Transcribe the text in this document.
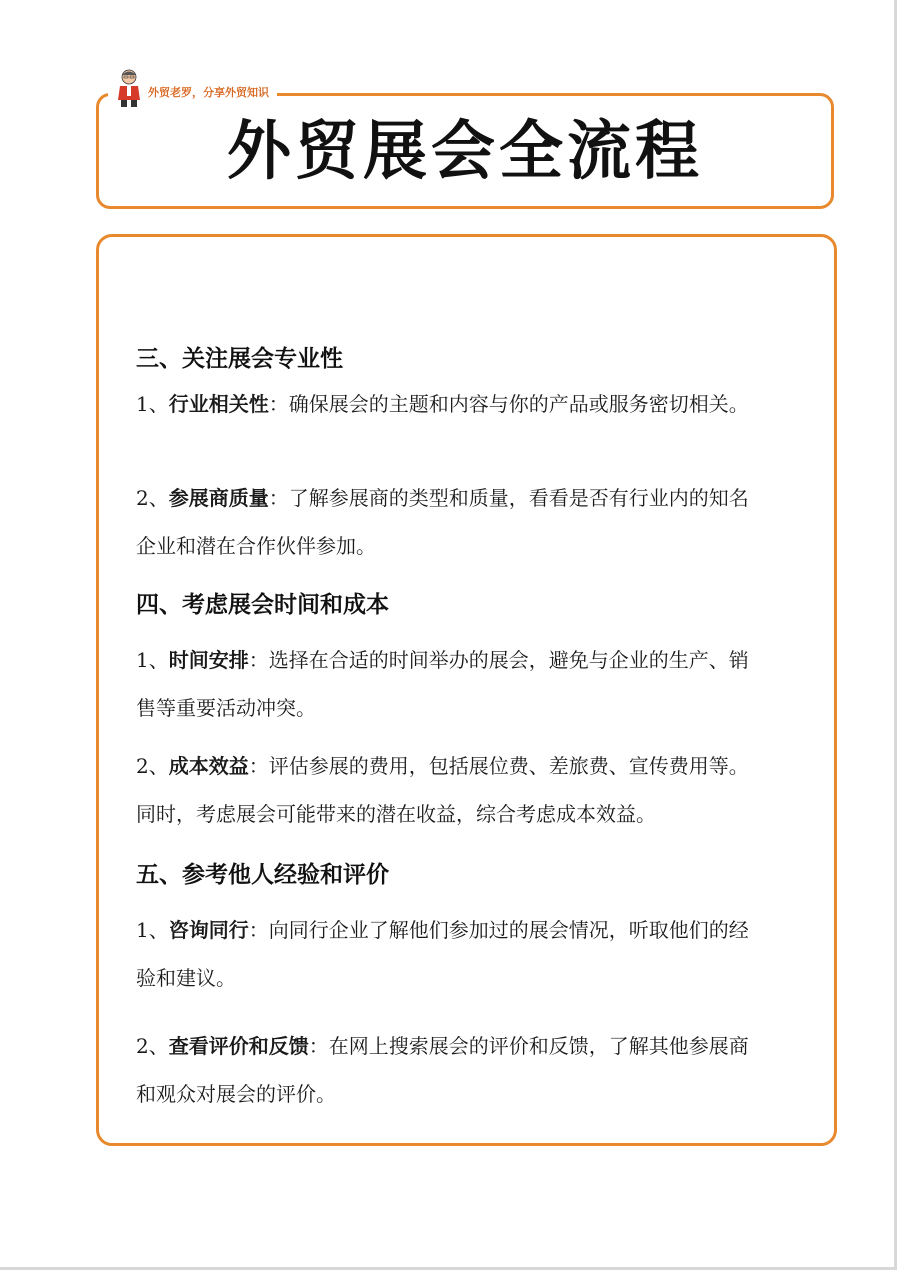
外贸老罗，分享外贸知识
外贸展会全流程
三、关注展会专业性
1、行业相关性：确保展会的主题和内容与你的产品或服务密切相关。
2、参展商质量：了解参展商的类型和质量，看看是否有行业内的知名企业和潜在合作伙伴参加。
四、考虑展会时间和成本
1、时间安排：选择在合适的时间举办的展会，避免与企业的生产、销售等重要活动冲突。
2、成本效益：评估参展的费用，包括展位费、差旅费、宣传费用等。同时，考虑展会可能带来的潜在收益，综合考虑成本效益。
五、参考他人经验和评价
1、咨询同行：向同行企业了解他们参加过的展会情况，听取他们的经验和建议。
2、查看评价和反馈：在网上搜索展会的评价和反馈，了解其他参展商和观众对展会的评价。
